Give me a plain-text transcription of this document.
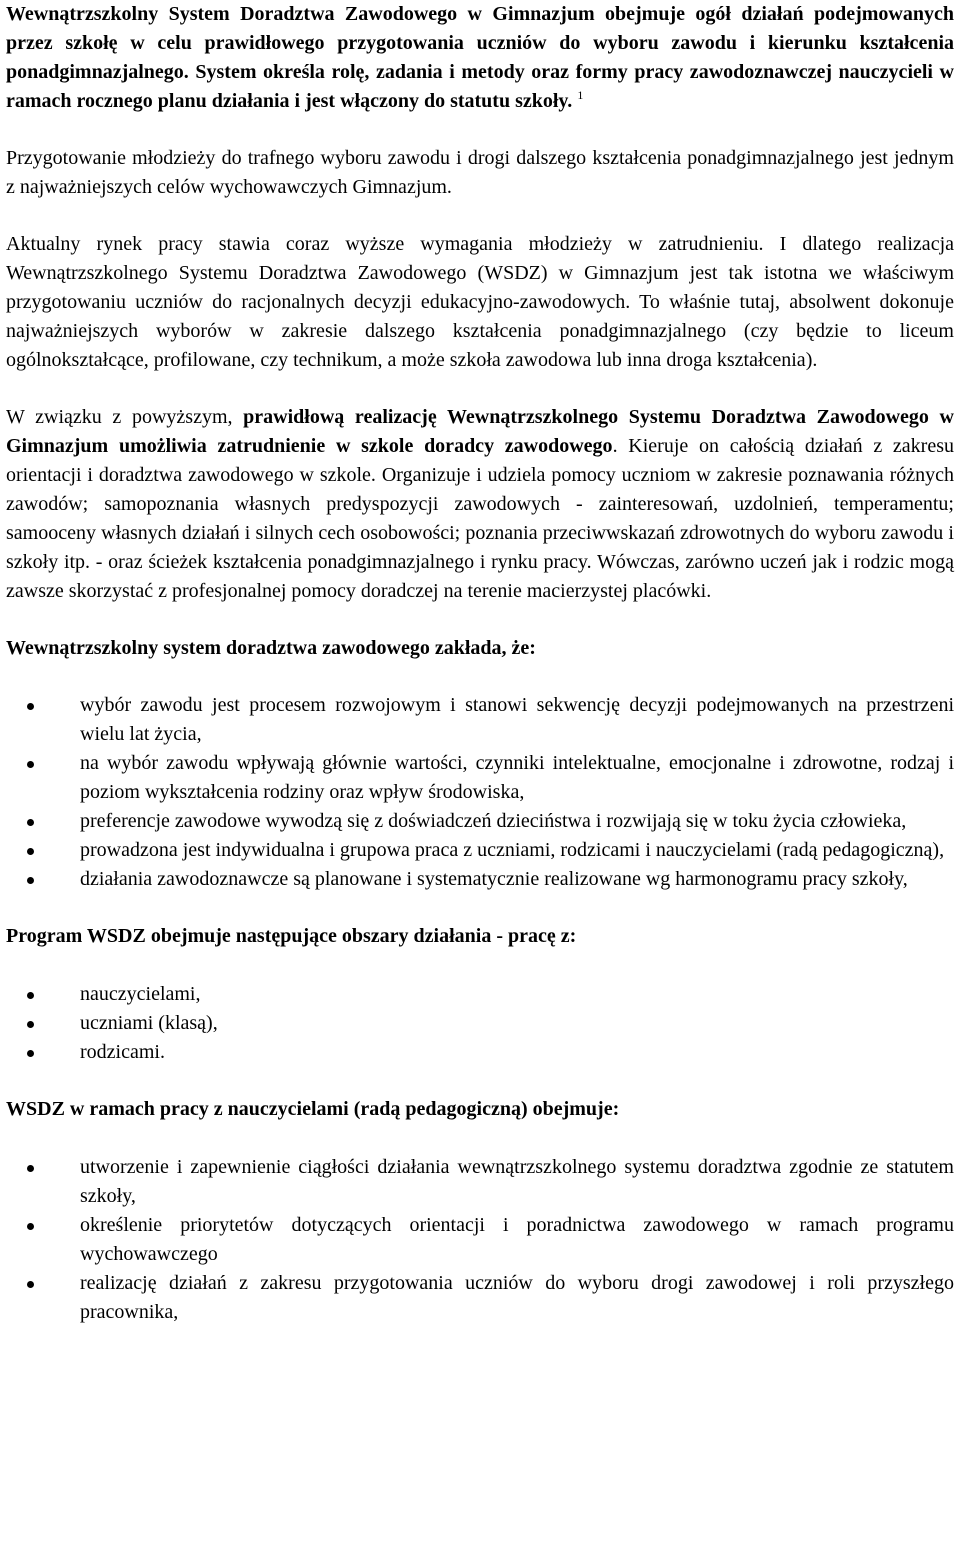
Wewnątrzszkolny System Doradztwa Zawodowego w Gimnazjum obejmuje ogół działań podejmowanych przez szkołę w celu prawidłowego przygotowania uczniów do wyboru zawodu i kierunku kształcenia ponadgimnazjalnego. System określa rolę, zadania i metody oraz formy pracy zawodoznawczej nauczycieli w ramach rocznego planu działania i jest włączony do statutu szkoły. $^1$

Przygotowanie młodzieży do trafnego wyboru zawodu i drogi dalszego kształcenia ponadgimnazjalnego jest jednym z najważniejszych celów wychowawczych Gimnazjum.

Aktualny rynek pracy stawia coraz wyższe wymagania młodzieży w zatrudnieniu. I dlatego realizacja Wewnątrzszkolnego Systemu Doradztwa Zawodowego (WSDZ) w Gimnazjum jest tak istotna we właściwym przygotowaniu uczniów do racjonalnych decyzji edukacyjno-zawodowych. To właśnie tutaj, absolwent dokonuje najważniejszych wyborów w zakresie dalszego kształcenia ponadgimnazjalnego (czy będzie to liceum ogólnokształcące, profilowane, czy technikum, a może szkoła zawodowa lub inna droga kształcenia).

W związku z powyższym, prawidłową realizację Wewnątrzszkolnego Systemu Doradztwa Zawodowego w Gimnazjum umożliwia zatrudnienie w szkole doradcy zawodowego. Kieruje on całością działań z zakresu orientacji i doradztwa zawodowego w szkole. Organizuje i udziela pomocy uczniom w zakresie poznawania różnych zawodów; samopoznania własnych predyspozycji zawodowych - zainteresowań, uzdolnień, temperamentu; samooceny własnych działań i silnych cech osobowości; poznania przeciwwskazań zdrowotnych do wyboru zawodu i szkoły itp. - oraz ścieżek kształcenia ponadgimnazjalnego i rynku pracy. Wówczas, zarówno uczeń jak i rodzic mogą zawsze skorzystać z profesjonalnej pomocy doradczej na terenie macierzystej placówki.

Wewnątrzszkolny system doradztwa zawodowego zakłada, że:

wybór zawodu jest procesem rozwojowym i stanowi sekwencję decyzji podejmowanych na przestrzeni wielu lat życia,
na wybór zawodu wpływają głównie wartości, czynniki intelektualne, emocjonalne i zdrowotne, rodzaj i poziom wykształcenia rodziny oraz wpływ środowiska,
preferencje zawodowe wywodzą się z doświadczeń dzieciństwa i rozwijają się w toku życia człowieka,
prowadzona jest indywidualna i grupowa praca z uczniami, rodzicami i nauczycielami (radą pedagogiczną),
działania zawodoznawcze są planowane i systematycznie realizowane wg harmonogramu pracy szkoły,

Program WSDZ obejmuje następujące obszary działania - pracę z:

nauczycielami,
uczniami (klasą),
rodzicami.

WSDZ w ramach pracy z nauczycielami (radą pedagogiczną) obejmuje:

utworzenie i zapewnienie ciągłości działania wewnątrzszkolnego systemu doradztwa zgodnie ze statutem szkoły,
określenie priorytetów dotyczących orientacji i poradnictwa zawodowego w ramach programu wychowawczego
realizację działań z zakresu przygotowania uczniów do wyboru drogi zawodowej i roli przyszłego pracownika,
